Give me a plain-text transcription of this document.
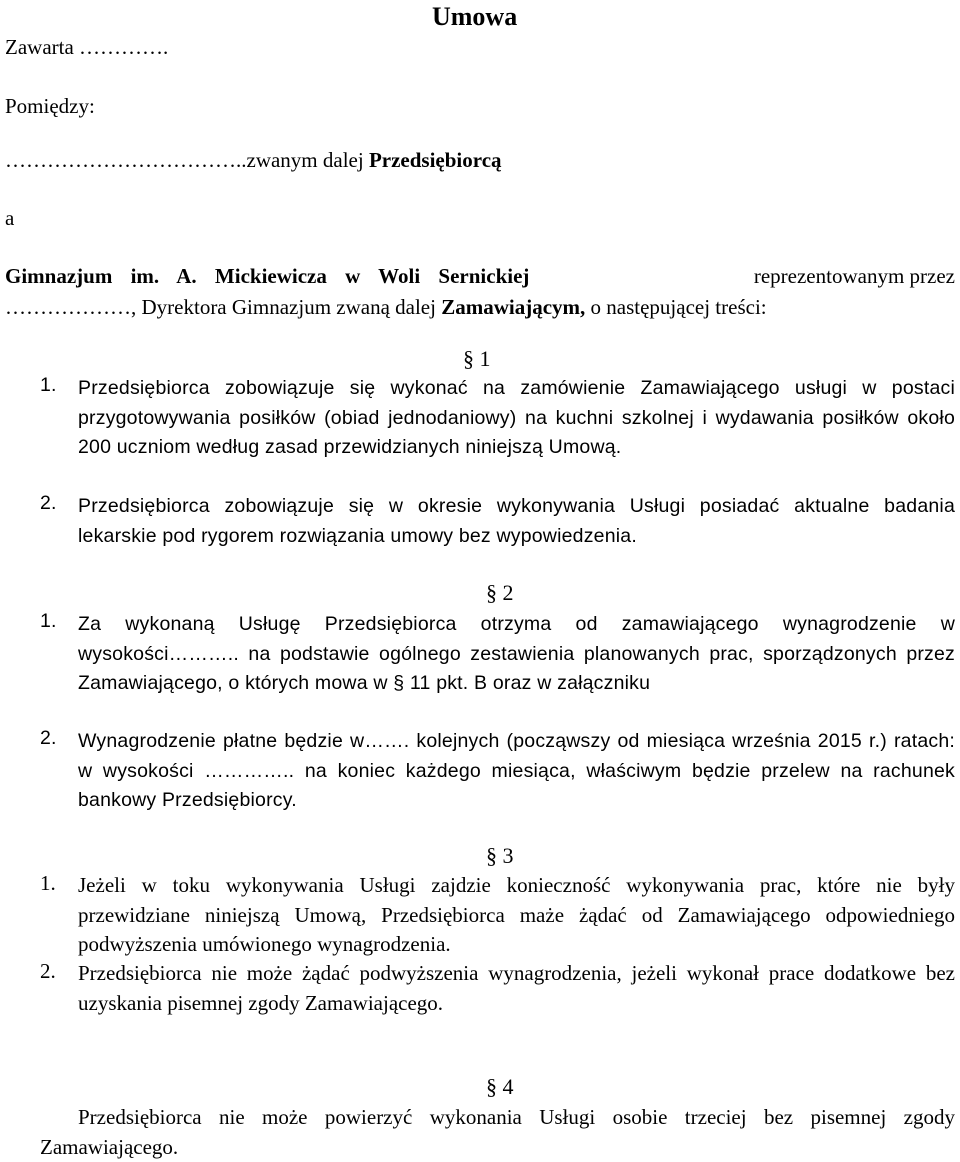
Umowa
Zawarta ………….
Pomiędzy:
……………………………..zwanym dalej Przedsiębiorcą
a
Gimnazjum im. A. Mickiewicza w Woli Sernickiej	reprezentowanym przez
………………, Dyrektora Gimnazjum zwaną dalej Zamawiającym, o następującej treści:
§ 1
1.	Przedsiębiorca zobowiązuje się wykonać na zamówienie Zamawiającego usługi w postaci przygotowywania posiłków (obiad jednodaniowy) na kuchni szkolnej i wydawania posiłków około 200 uczniom według zasad przewidzianych niniejszą Umową.
2.	Przedsiębiorca zobowiązuje się w okresie wykonywania Usługi posiadać aktualne badania lekarskie pod rygorem rozwiązania umowy bez wypowiedzenia.
§ 2
1.	Za wykonaną Usługę Przedsiębiorca otrzyma od zamawiającego wynagrodzenie w wysokości……….. na podstawie ogólnego zestawienia planowanych prac, sporządzonych przez Zamawiającego, o których mowa w § 11 pkt. B oraz w załączniku
2.	Wynagrodzenie płatne będzie w……. kolejnych (począwszy od miesiąca września 2015 r.) ratach: w wysokości ………….. na koniec każdego miesiąca, właściwym będzie przelew na rachunek bankowy Przedsiębiorcy.
§ 3
1.	Jeżeli w toku wykonywania Usługi zajdzie konieczność wykonywania prac, które nie były przewidziane niniejszą Umową, Przedsiębiorca maże żądać od Zamawiającego odpowiedniego podwyższenia umówionego wynagrodzenia.
2.	Przedsiębiorca nie może żądać podwyższenia wynagrodzenia, jeżeli wykonał prace dodatkowe bez uzyskania pisemnej zgody Zamawiającego.
§ 4
Przedsiębiorca nie może powierzyć wykonania Usługi osobie trzeciej bez pisemnej zgody Zamawiającego.
